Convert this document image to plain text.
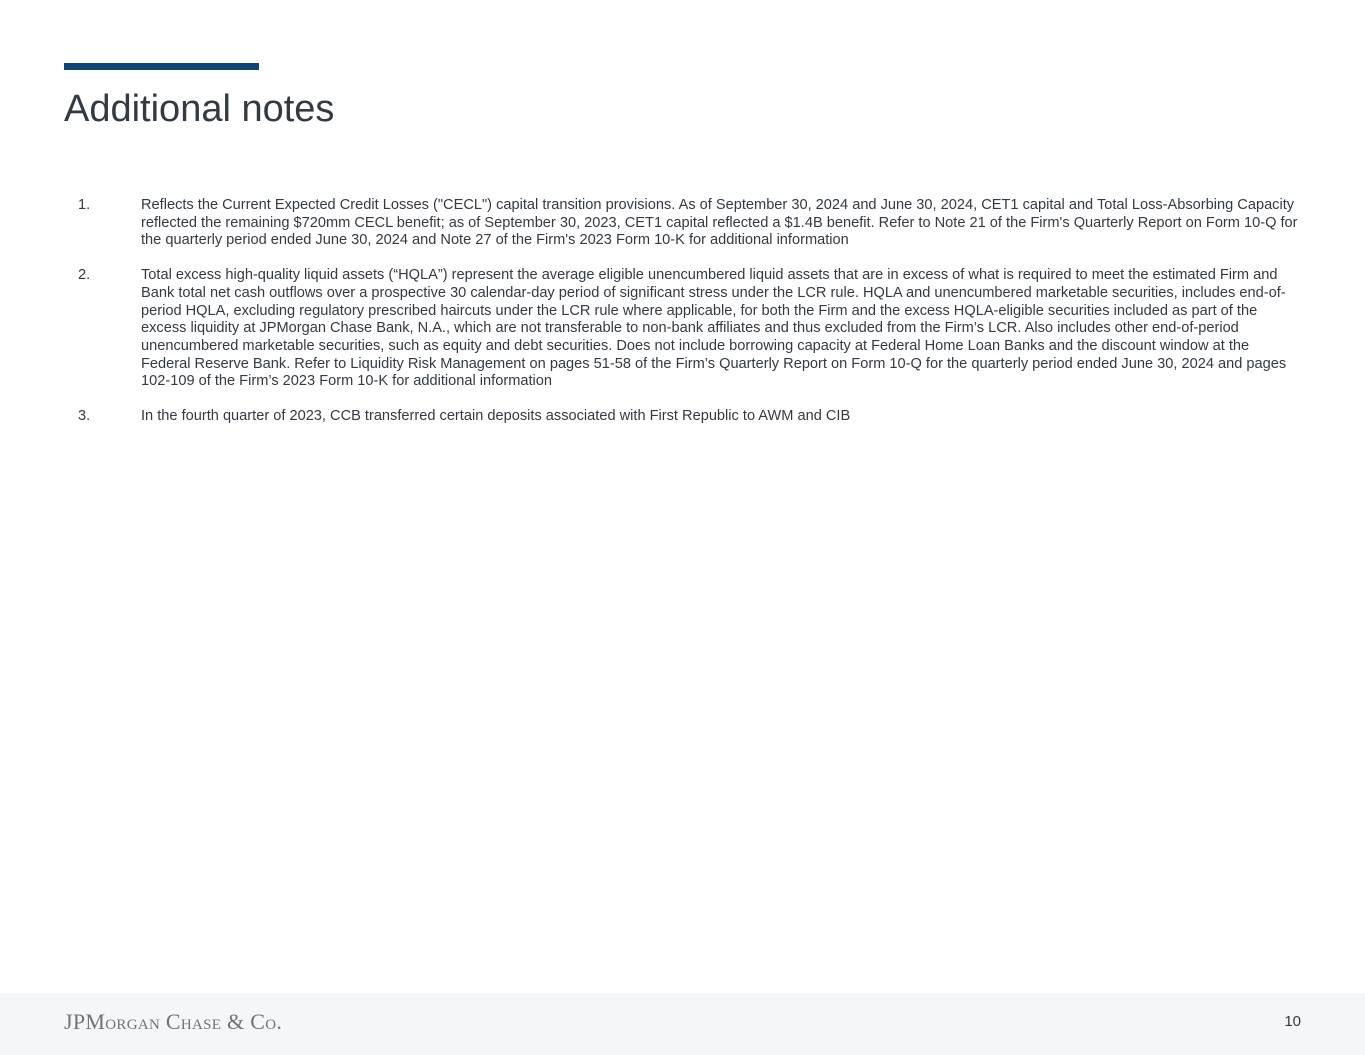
Additional notes
1.	Reflects the Current Expected Credit Losses ("CECL") capital transition provisions. As of September 30, 2024 and June 30, 2024, CET1 capital and Total Loss-Absorbing Capacity reflected the remaining $720mm CECL benefit; as of September 30, 2023, CET1 capital reflected a $1.4B benefit. Refer to Note 21 of the Firm's Quarterly Report on Form 10-Q for the quarterly period ended June 30, 2024 and Note 27 of the Firm's 2023 Form 10-K for additional information
2.	Total excess high-quality liquid assets (“HQLA”) represent the average eligible unencumbered liquid assets that are in excess of what is required to meet the estimated Firm and Bank total net cash outflows over a prospective 30 calendar-day period of significant stress under the LCR rule. HQLA and unencumbered marketable securities, includes end-of-period HQLA, excluding regulatory prescribed haircuts under the LCR rule where applicable, for both the Firm and the excess HQLA-eligible securities included as part of the excess liquidity at JPMorgan Chase Bank, N.A., which are not transferable to non-bank affiliates and thus excluded from the Firm’s LCR. Also includes other end-of-period unencumbered marketable securities, such as equity and debt securities. Does not include borrowing capacity at Federal Home Loan Banks and the discount window at the Federal Reserve Bank. Refer to Liquidity Risk Management on pages 51-58 of the Firm’s Quarterly Report on Form 10-Q for the quarterly period ended June 30, 2024 and pages 102-109 of the Firm’s 2023 Form 10-K for additional information
3.	In the fourth quarter of 2023, CCB transferred certain deposits associated with First Republic to AWM and CIB
JPMorgan Chase & Co.	10
